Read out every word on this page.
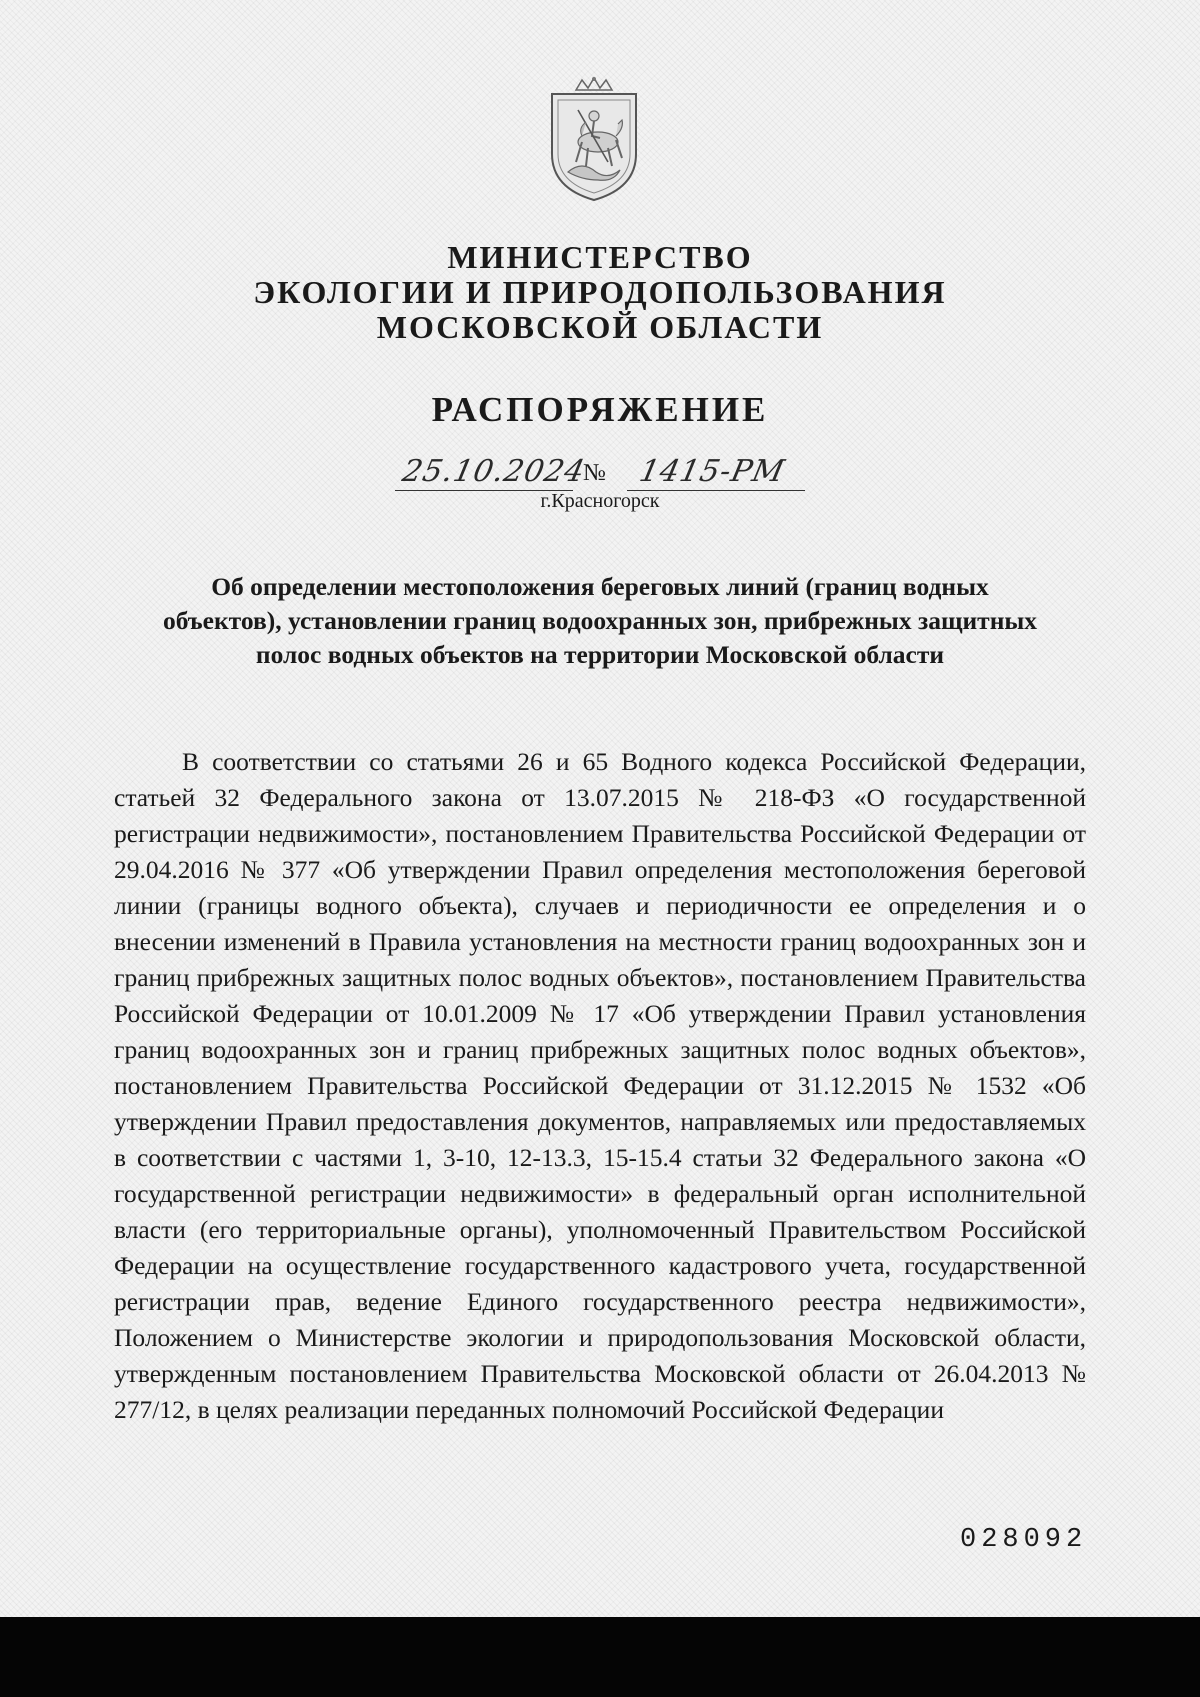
МИНИСТЕРСТВО
ЭКОЛОГИИ И ПРИРОДОПОЛЬЗОВАНИЯ
МОСКОВСКОЙ ОБЛАСТИ
РАСПОРЯЖЕНИЕ
25.10.2024
№ 1415-РМ
г.Красногорск
Об определении местоположения береговых линий (границ водных объектов), установлении границ водоохранных зон, прибрежных защитных полос водных объектов на территории Московской области
В соответствии со статьями 26 и 65 Водного кодекса Российской Федерации, статьей 32 Федерального закона от 13.07.2015 № 218-ФЗ «О государственной регистрации недвижимости», постановлением Правительства Российской Федерации от 29.04.2016 № 377 «Об утверждении Правил определения местоположения береговой линии (границы водного объекта), случаев и периодичности ее определения и о внесении изменений в Правила установления на местности границ водоохранных зон и границ прибрежных защитных полос водных объектов», постановлением Правительства Российской Федерации от 10.01.2009 № 17 «Об утверждении Правил установления границ водоохранных зон и границ прибрежных защитных полос водных объектов», постановлением Правительства Российской Федерации от 31.12.2015 № 1532 «Об утверждении Правил предоставления документов, направляемых или предоставляемых в соответствии с частями 1, 3-10, 12-13.3, 15-15.4 статьи 32 Федерального закона «О государственной регистрации недвижимости» в федеральный орган исполнительной власти (его территориальные органы), уполномоченный Правительством Российской Федерации на осуществление государственного кадастрового учета, государственной регистрации прав, ведение Единого государственного реестра недвижимости», Положением о Министерстве экологии и природопользования Московской области, утвержденным постановлением Правительства Московской области от 26.04.2013 № 277/12, в целях реализации переданных полномочий Российской Федерации
028092
